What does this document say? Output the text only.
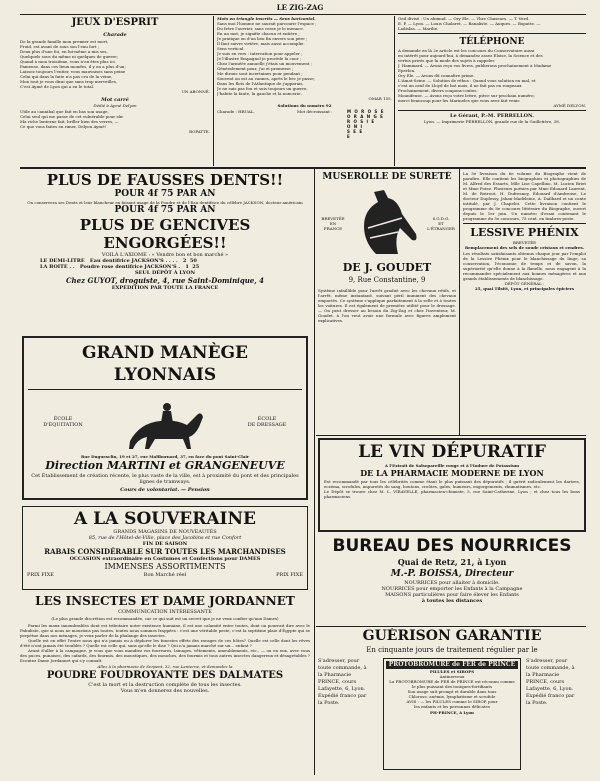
LE ZIG-ZAG
JEUX D'ESPRIT
Charade
De la grande famille mon premier est mort,
Froid, est avant de sous son l'eau fort ;
Deux plus d'une foi, en lui-même a mis ses,
Quelquels sous du même ni quelques de guerre;
Quand à mon troisième, vous n'en êtes plus ici.
Fameuse, dans ces lieux mondes, il y en a plus d'un;
Laissez toujours l'entier, vous mauvaises sans peine
Celui qui dans la faite n'a pas cru de la veine,
Mon tout je vous dirai que sans trop merveilles,
C'est Aymé de Lyon qui a en le total.
UN ABONNÉ.
Mot carré
Dédié à Aymé Delyon
Utile au cannibal que fait en bas son usage,
Celui seul qui me passe de cet vulnérable pour sûr.
Ma riche lanterne fait, briller bien des verres, —
Ce que vous faites en rimer, Delyon Aymé!
BOPATTE.
Mots en triangle inscrits — Sens horizontal.
Sans moi l'homme ne saurait parcourir l'espace ;
Du frère l'ouvrier, sans cesse je le menace.
En un mot, je signifie chacun et entière ;
Je pratique en d'un lieu fin envers son père ;
Il faut suivre vivière, mais aussi accomplie.
Sens vertical.
Je suis en vers : intercation pour appeler ;
Je l'illustre Empagnol je procède la cour ;
Chez l'arméée annuelle j'étais un mouvement ;
Généralement pour, j'ai et promesse ;
Me dirons sont incertaines pour pendant ;
Souvent on est au vannes, après le bec je passe;
Dans les flots de l'Atlantique de j'apparais,
Je ne suis pas fou et suis toujours un guerre,
J'habite la faute, la gauche et la noncerie.
OMAR 155.
Solutions du numéro 92
Charade : HRUAL.	Mot décroissant :	M O R O S E
O R A N G E
R O S I E
O N I
S E E
E
Oeil divisé : Un abimud. — Ory Ele. — Yhre Chaseurs. — T. Verd.
E. P. — Lyon. — Louis Chalaret. — Banaliste. — Auques. — Bopatte. —
Ladislas. — Marilie.
TÉLÉPHONE
A demande en là 2e article est les concours du Conservatoire aussi
en intérêt pour aujourd'hui, à demandez assez Eloise, la Science et des
vertus privés que la mode des sujets à rappeler.
J. Hammard. — Avons reçu vos livres, publierons prochainement à Madame
Eperlon.
Ory Ele. — Avons dû connaître prime.
L'Amat-Seine. — Solution de rébus : Quand vous solution en mal, et
c'est un oeuf de Lloyd de bat mois, il ne fait pas en roupeaux
Prochainement, divers coupons-contes.
Mounifeuse. — Avons reçu votre lettre, pièce sur prochain numéro;
merci beaucoup pour les Marineles que vous avez fait venir.
AYMÉ DELYON.
Le Gérant, P.-M. PERRELLON.
Lyon. — Imprimerie PERRELLON, grande rue de la Guillotière, 38.
PLUS DE FAUSSES DENTS!!
POUR 4f 75 PAR AN
On conservera ses Dents et leur blancheur en faisant usage de la Poudre et de l'Eau dentifrice du célèbre JACKSON, docteur américain
POUR 4f 75 PAR AN
PLUS DE GENCIVES ENGORGÉES!!
VOILÀ L'AXIOME : « Vendre bon et bon marché »
LE DEMI-LITRE   Eau dentifrice JACKSON'S . . . .   2  50
LA BOITE . .   Poudre rose dentifrice JACKSON'S .   1  25
SEUL DÉPÔT À LYON
Chez GUYOT, droguiste, 4, rue Saint-Dominique, 4
EXPÉDITION PAR TOUTE LA FRANCE
GRAND MANÈGE LYONNAIS
ÉCOLE
D'ÉQUITATION
ÉCOLE
DE DRESSAGE
Rue Duguesclin, 19 et 27, rue Malibornard, 37, en face du pont Saint-Clair
Direction MARTINI et GRANGENEUVE
Cet Établissement de création récente, le plus vaste de la ville, est à proximité du pont et des principales lignes de tramways.
Cours de volontariat. — Pension
A LA SOUVERAINE
GRANDS MAGASINS DE NOUVEAUTÉS
85, rue de l'Hôtel-de-Ville, place des Jacobins et rue Confort
FIN DE SAISON
RABAIS CONSIDÉRABLE SUR TOUTES LES MARCHANDISES
OCCASION extraordinaire en Costumes et Confections pour DAMES
IMMENSES ASSORTIMENTS
PRIX FIXE	Bon Marché réel	PRIX FIXE
LES INSECTES ET DAME JORDANNET
COMMUNICATION INTÉRESSANTE
(Le plus grande discrétion est recommandée, car ce qui suit est un secret que je ne veux confier qu'aux Dames)
Parmi les maux innombrables dont est tributaire notre existence humaine, il est une calamité entre toutes, dont on pourrait dire avec le Fabuliste, que si nous ne mourions pas toutes, toutes nous sommes frappées : c'est une véritable peste, c'est la septième plaie d'Égypte qui se perpétue dans nos ménages, je veux parler de la phalange des insectes.
Quelle est en effet l'entre nous qui n'a jamais eu à déplorer les funestes effets des ravages de ces hôtes? Quelle est celle dont les rêves d'été n'ont jamais été troublés ? Quelle est celle qui, sans qu'elle le dise ? Qui n'a jamais marché sur un... enfant ?
Avant d'aller à la campagne, je vous que vous mandiez vos fourrures, lainages, vêtements, ameublements, etc., — ou en eux, avec vous des puces, punaises, des cafards, des fourmis, des moustiques, des mouches, des fourmis et tous autres insectes dangereux et désagréables ? Ecoutez Dame Jordannet qui s'y connaît.
Allez à la pharmacie de Serpent, 32, rue Lanterne, et demandez la
POUDRE FOUDROYANTE DES DALMATES
C'est la mort et la destruction complète de tous les insectes.
Vous m'en donnerez des nouvelles.
MUSEROLLE DE SÛRETÉ
BREVETÉE
EN
FRANCE
S.G.D.G.
ET
L'ÉTRANGER
DE J. GOUDET
9, Rue Constantine, 9
Système infaillible pour l'arrêt gradué avec les chevaux rétifs, et l'arrêt, même instantané, suivant péril imminent des chevaux emportés. Ce système s'applique parfaitement à la selle et à toutes les voitures. Il est également de première utilité pour le dressage. — On peut dresser au besoin du Zig-Zag et chez l'inventeur, M. Goudet, à l'on veut avoir une formule avec figures amplement explicatives.
La 5e livraison du 6e volume du Biographe vient de paraître. Elle contient les biographies et photographies de M. Alfred des Essarts, Mlle Lise Capellino, M. Lucien Briet et Mme Potez. Plusieurs poésies par Mme Edouard Laurent, M. de Rotrout, H. Dufresnoy, Édouard d'Ambroise, Le docteur Duplessy, Jahan-Madeleine, A. Dailhard et un conte intitulé, par J. Chapelot. Cette livraison contient le programme du 8e concours littéraire du Biographe, ouvert depuis le 1er juin. Un numéro d'essai contenant le programme du 5e concours, 75 cent. en timbres-poste.
LESSIVE PHÉNIX
BREVETÉE
Remplacement des sels de soude cristaux et cendres.
Les résultats satisfaisants obtenus chaque jour par l'emploi de la Lessive Phénix pour le blanchissage du linge, sa conservation, l'économie de temps et de savon, la supériorité qu'elle donne à la flanelle, nous engagent à la recommander spécialement aux bonnes ménagères et aux grands établissements de blanchissage.
DÉPÔT GÉNÉRAL :
25, quai Tilsitt, Lyon, et principales épiciers
LE VIN DÉPURATIF
A l'Extrait de Salsepareille rouge et à l'Iodure de Potassium
DE LA PHARMACIE MODERNE DE LYON
Est recommandé par tous les célébrités comme étant le plus puissant des dépuratifs ; il guérit radicalement les dartres, eczéma, scrofules, impuretés du sang, boutons, croûtes, gales, humeurs, engorgements, rhumatismes, etc.
Le Dépôt se trouve chez M. L. VIRAVELLE, pharmacien-chimiste, 5, rue Saint-Catherine, Lyon ; et chez tous les bons pharmaciens.
BUREAU DES NOURRICES
Quai de Retz, 21, à Lyon
M.-P. BOISSA, Directeur
NOURRICES pour allaiter à domicile.
NOURRICES pour emporter les Enfants à la Campagne
MAISONS particulières pour faire élever les Enfants
à toutes les distances
GUÉRISON GARANTIE
En cinquante jours de traitement régulier par le
S'adresser, pour
toute commande, à
la Pharmacie
PRINCE, cours
Lafayette, 6, Lyon.
Expédié franco par
la Poste.
PROTOBROMURE de FER de PRINCE
PILULES et SIROPS
Antinerveux
La PROTOBROMURE de FER de PRINCE est réconnu comme
le plus puissant des toniques-fortifiants
Son usage suit prompt et durable dans tous
Chlorose, anémie, lymphatisme et scrofule
AVIS : — les PILULES comme le SIROP, pour
les enfants et les personnes délicates
PH-PRINCE, à Lyon
S'adresser, pour
toute commande, à
la Pharmacie
PRINCE, cours
Lafayette, 6, Lyon.
Expédié franco par
la Poste.
